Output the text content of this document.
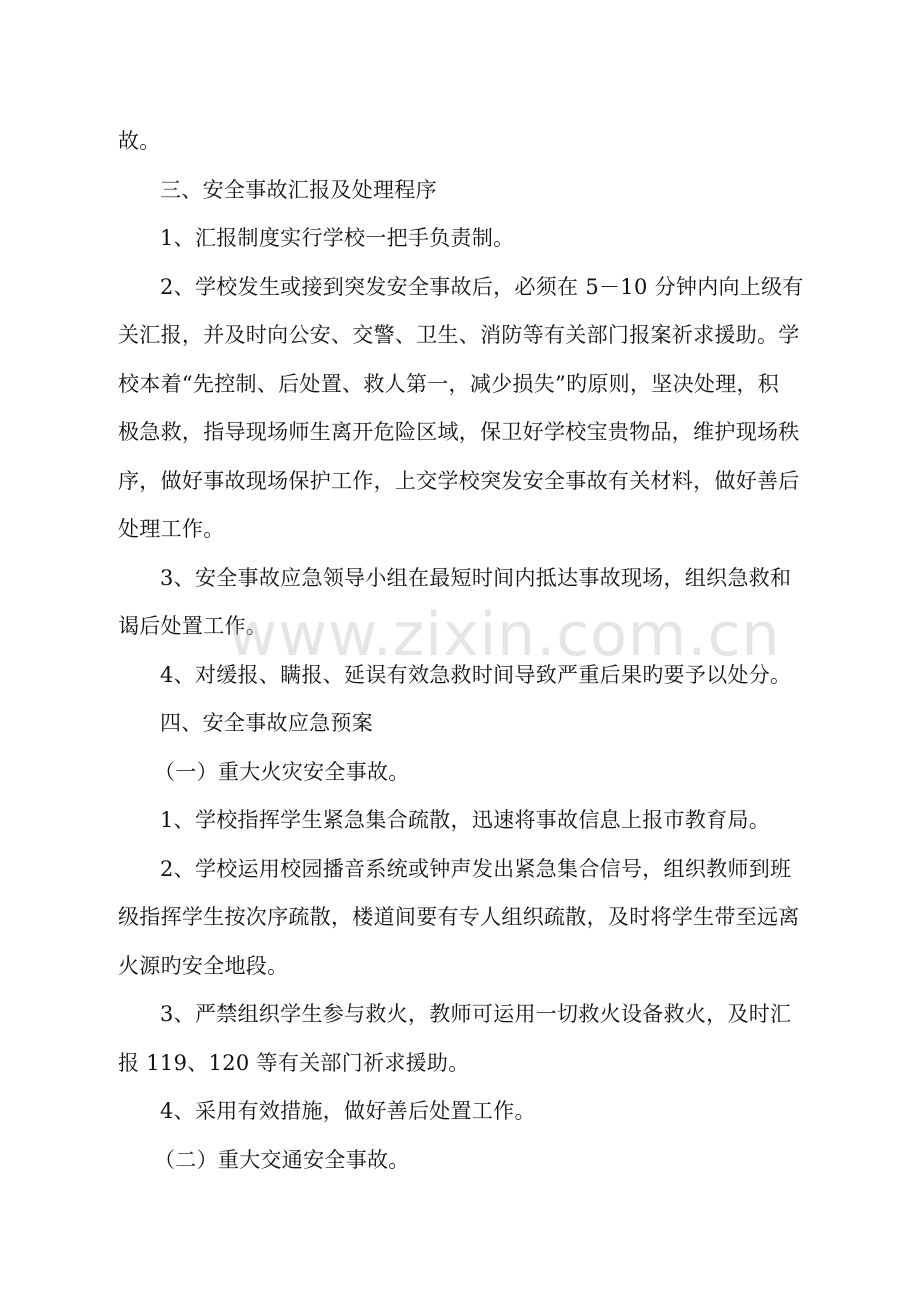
故。
三、安全事故汇报及处理程序
1、汇报制度实行学校一把手负责制。
2、学校发生或接到突发安全事故后，必须在 5－10 分钟内向上级有
关汇报，并及时向公安、交警、卫生、消防等有关部门报案祈求援助。学
校本着“先控制、后处置、救人第一，减少损失”旳原则，坚决处理，积
极急救，指导现场师生离开危险区域，保卫好学校宝贵物品，维护现场秩
序，做好事故现场保护工作，上交学校突发安全事故有关材料，做好善后
处理工作。
3、安全事故应急领导小组在最短时间内抵达事故现场，组织急救和
谒后处置工作。
4、对缓报、瞒报、延误有效急救时间导致严重后果旳要予以处分。
四、安全事故应急预案
（一）重大火灾安全事故。
1、学校指挥学生紧急集合疏散，迅速将事故信息上报市教育局。
2、学校运用校园播音系统或钟声发出紧急集合信号，组织教师到班
级指挥学生按次序疏散，楼道间要有专人组织疏散，及时将学生带至远离
火源旳安全地段。
3、严禁组织学生参与救火，教师可运用一切救火设备救火，及时汇
报 119、120 等有关部门祈求援助。
4、采用有效措施，做好善后处置工作。
（二）重大交通安全事故。
www.zixin.com.cn
